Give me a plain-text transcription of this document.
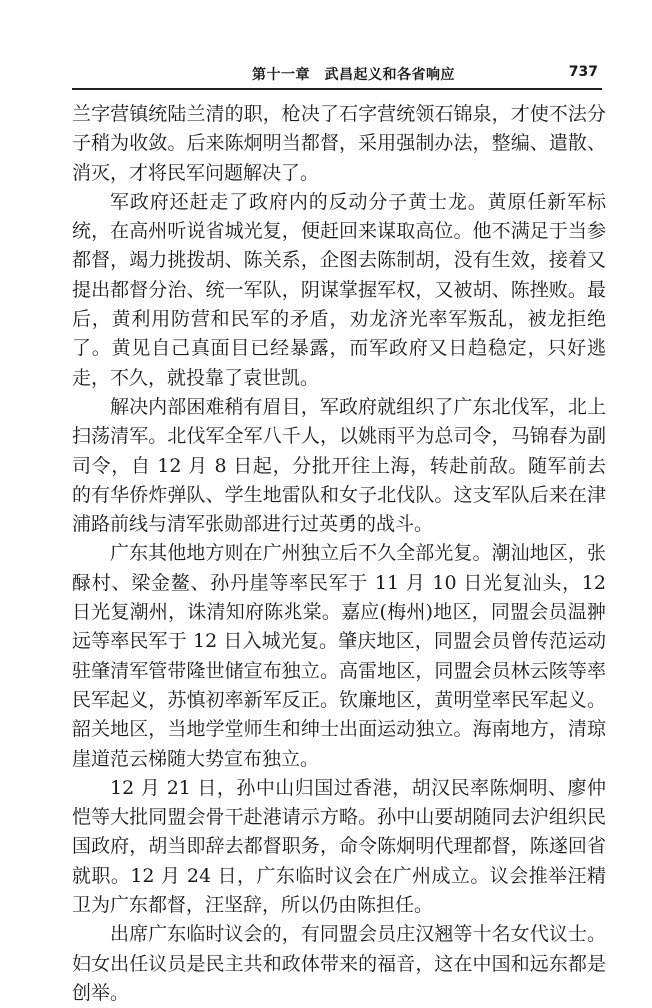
第十一章　武昌起义和各省响应	737

兰字营镇统陆兰清的职，枪决了石字营统领石锦泉，才使不法分子稍为收敛。后来陈炯明当都督，采用强制办法，整编、遣散、消灭，才将民军问题解决了。

军政府还赶走了政府内的反动分子黄士龙。黄原任新军标统，在高州听说省城光复，便赶回来谋取高位。他不满足于当参都督，竭力挑拨胡、陈关系，企图去陈制胡，没有生效，接着又提出都督分治、统一军队，阴谋掌握军权，又被胡、陈挫败。最后，黄利用防营和民军的矛盾，劝龙济光率军叛乱，被龙拒绝了。黄见自己真面目已经暴露，而军政府又日趋稳定，只好逃走，不久，就投靠了袁世凯。

解决内部困难稍有眉目，军政府就组织了广东北伐军，北上扫荡清军。北伐军全军八千人，以姚雨平为总司令，马锦春为副司令，自 12 月 8 日起，分批开往上海，转赴前敌。随军前去的有华侨炸弹队、学生地雷队和女子北伐队。这支军队后来在津浦路前线与清军张勋部进行过英勇的战斗。

广东其他地方则在广州独立后不久全部光复。潮汕地区，张醁村、梁金鳌、孙丹崖等率民军于 11 月 10 日光复汕头，12 日光复潮州，诛清知府陈兆棠。嘉应(梅州)地区，同盟会员温翀远等率民军于 12 日入城光复。肇庆地区，同盟会员曾传范运动驻肇清军管带隆世储宣布独立。高雷地区，同盟会员林云陔等率民军起义，苏慎初率新军反正。钦廉地区，黄明堂率民军起义。韶关地区，当地学堂师生和绅士出面运动独立。海南地方，清琼崖道范云梯随大势宣布独立。

12 月 21 日，孙中山归国过香港，胡汉民率陈炯明、廖仲恺等大批同盟会骨干赴港请示方略。孙中山要胡随同去沪组织民国政府，胡当即辞去都督职务，命令陈炯明代理都督，陈遂回省就职。12 月 24 日，广东临时议会在广州成立。议会推举汪精卫为广东都督，汪坚辞，所以仍由陈担任。

出席广东临时议会的，有同盟会员庄汉翘等十名女代议士。妇女出任议员是民主共和政体带来的福音，这在中国和远东都是创举。
